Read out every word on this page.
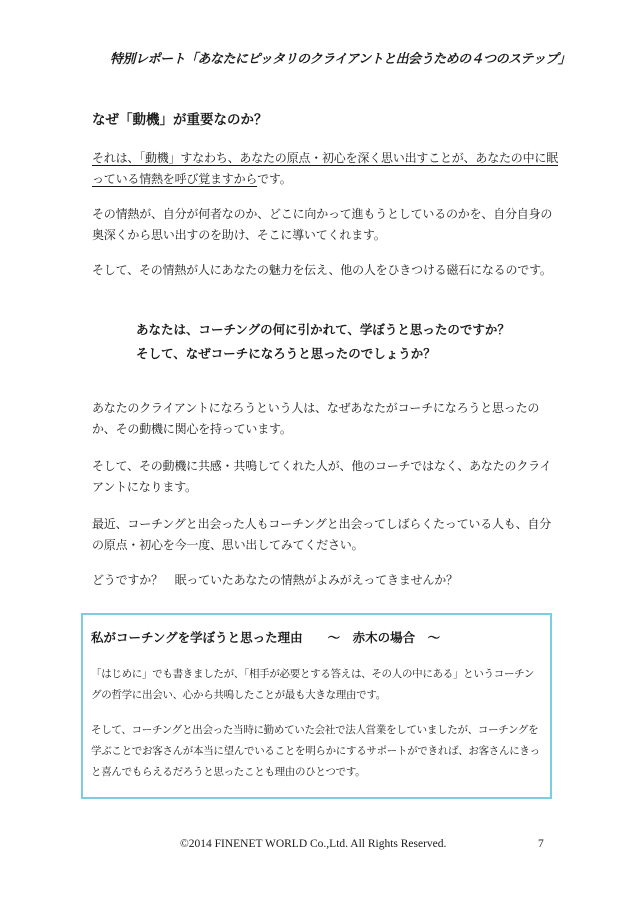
特別レポート「あなたにピッタリのクライアントと出会うための４つのステップ」
なぜ「動機」が重要なのか？
それは、「動機」すなわち、あなたの原点・初心を深く思い出すことが、あなたの中に眠っている情熱を呼び覚ますからです。
その情熱が、自分が何者なのか、どこに向かって進もうとしているのかを、自分自身の奥深くから思い出すのを助け、そこに導いてくれます。
そして、その情熱が人にあなたの魅力を伝え、他の人をひきつける磁石になるのです。
あなたは、コーチングの何に引かれて、学ぼうと思ったのですか？
そして、なぜコーチになろうと思ったのでしょうか？
あなたのクライアントになろうという人は、なぜあなたがコーチになろうと思ったのか、その動機に関心を持っています。
そして、その動機に共感・共鳴してくれた人が、他のコーチではなく、あなたのクライアントになります。
最近、コーチングと出会った人もコーチングと出会ってしばらくたっている人も、自分の原点・初心を今一度、思い出してみてください。
どうですか？　眠っていたあなたの情熱がよみがえってきませんか？
私がコーチングを学ぼうと思った理由　　～　赤木の場合　～
「はじめに」でも書きましたが、「相手が必要とする答えは、その人の中にある」というコーチングの哲学に出会い、心から共鳴したことが最も大きな理由です。
そして、コーチングと出会った当時に勤めていた会社で法人営業をしていましたが、コーチングを学ぶことでお客さんが本当に望んでいることを明らかにするサポートができれば、お客さんにきっと喜んでもらえるだろうと思ったことも理由のひとつです。
©2014 FINENET WORLD Co.,Ltd. All Rights Reserved.	7
